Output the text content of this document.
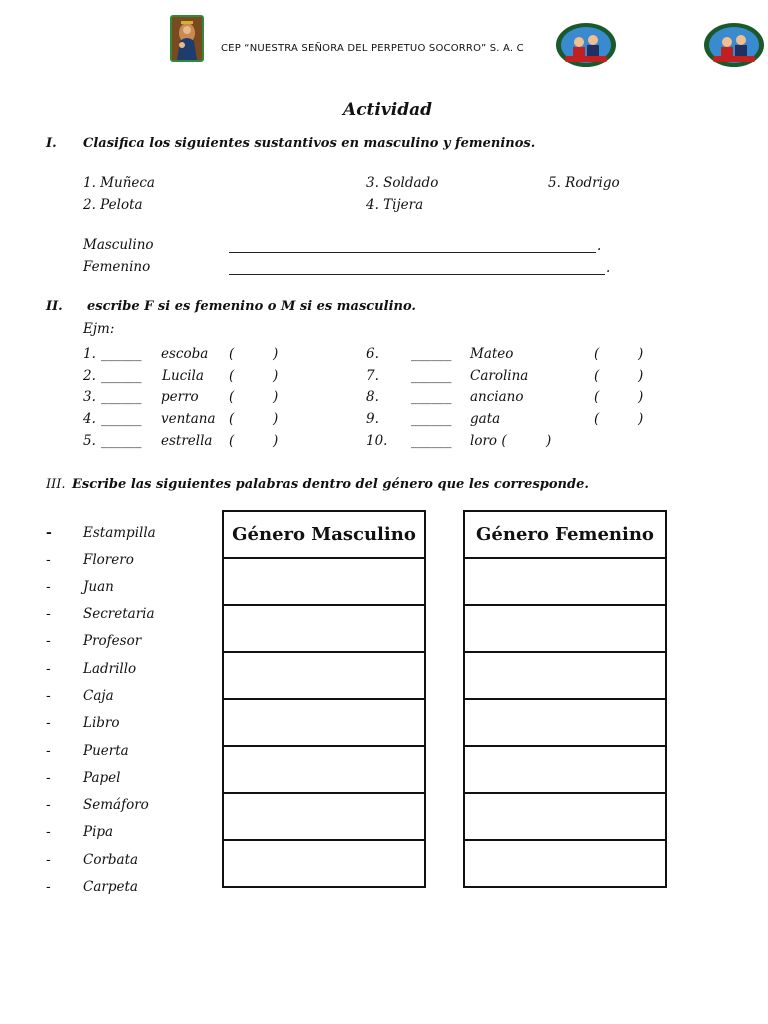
CEP “NUESTRA SEÑORA DEL PERPETUO SOCORRO” S. A. C
Actividad
I. Clasifica los siguientes sustantivos en masculino y femeninos.
1. Muñeca
2. Pelota
3. Soldado
4. Tijera
5. Rodrigo
Masculino	.
Femenino	.
II. escribe F si es femenino o M si es masculino.
Ejm:
1. ______ escoba (	)
2. ______ Lucila (	)
3. ______ perro (	)
4. ______ ventana (	)
5. ______ estrella (	)
6. ______ Mateo	(	)
7. ______ Carolina	(	)
8. ______ anciano	(	)
9. ______ gata	(	)
10. ______ loro (	)
III. Escribe las siguientes palabras dentro del género que les corresponde.
- Estampilla
- Florero
- Juan
- Secretaria
- Profesor
- Ladrillo
- Caja
- Libro
- Puerta
- Papel
- Semáforo
- Pipa
- Corbata
- Carpeta
Género Masculino	Género Femenino
